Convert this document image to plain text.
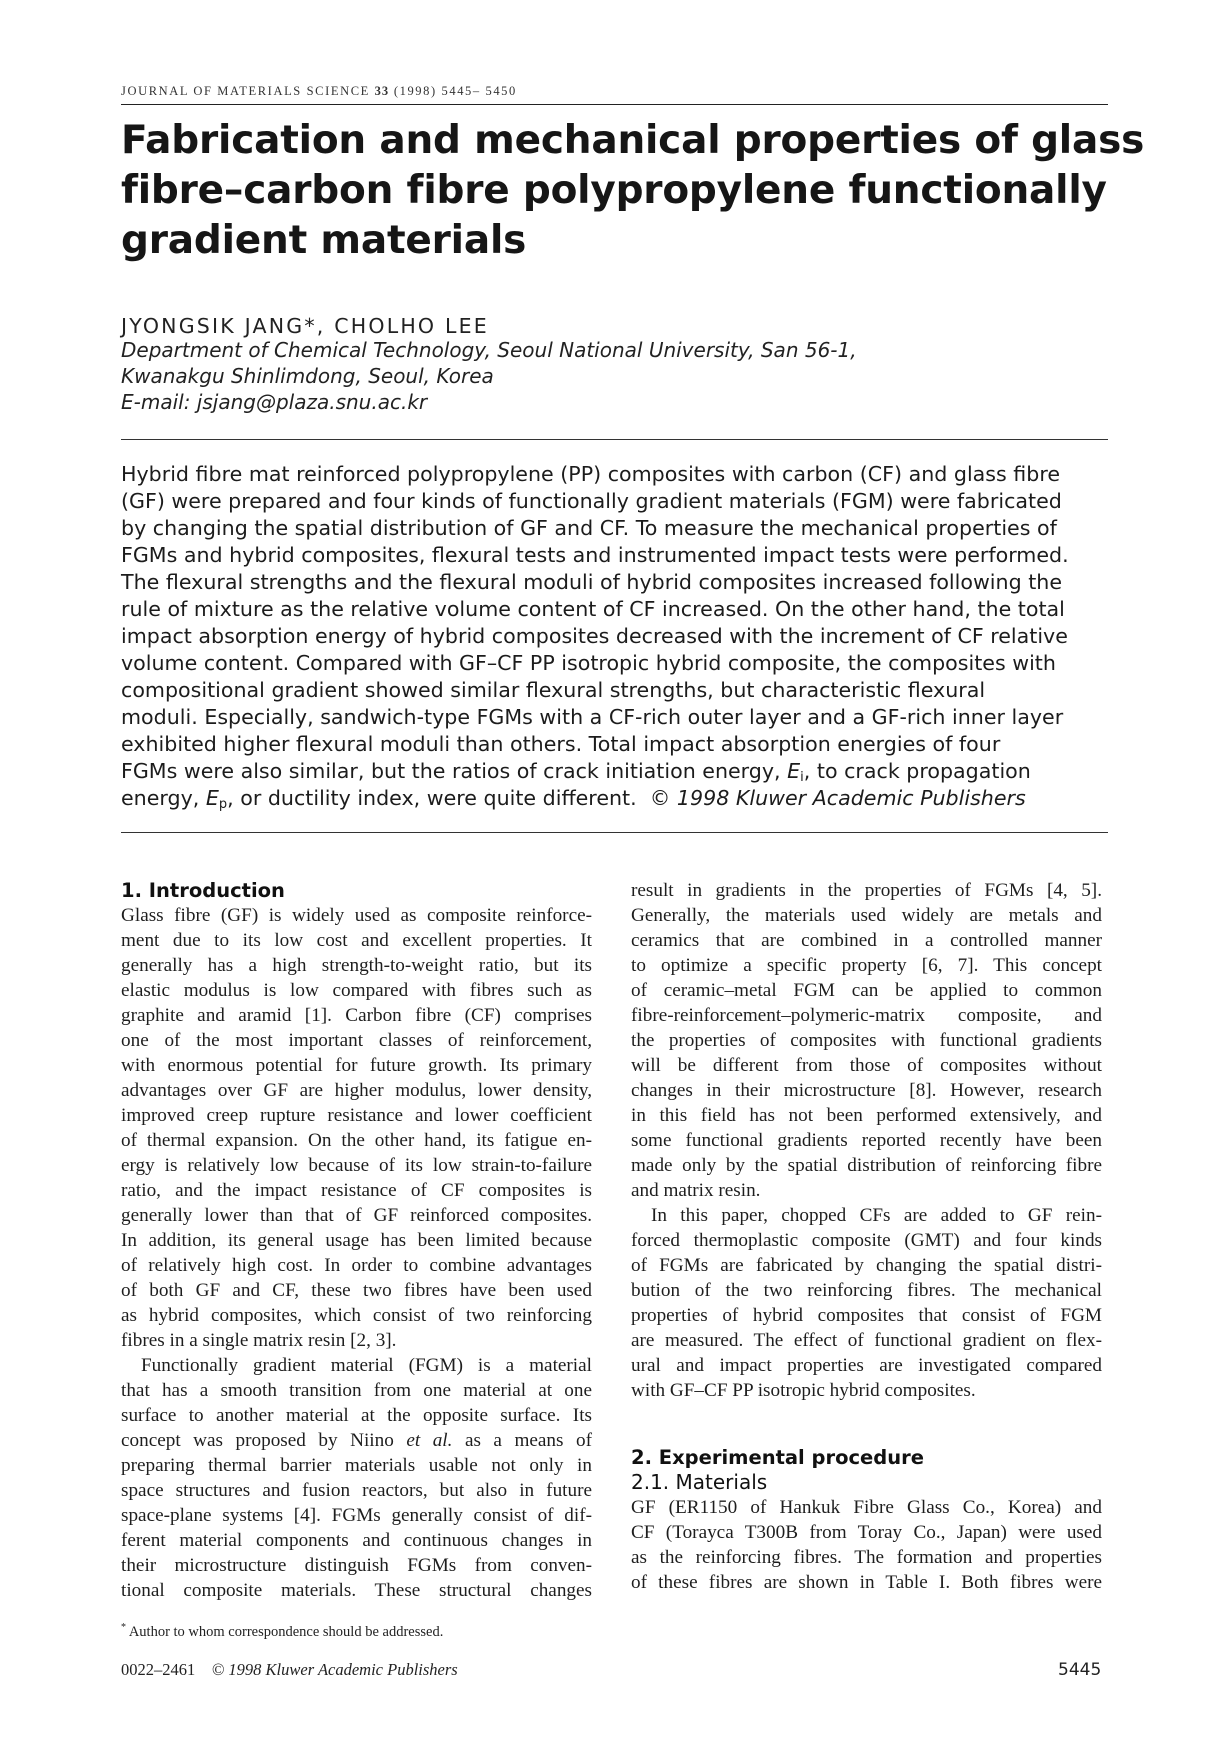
JOURNAL OF MATERIALS SCIENCE 33 (1998) 5445– 5450
Fabrication and mechanical properties of glass
fibre–carbon fibre polypropylene functionally
gradient materials
JYONGSIK JANG*, CHOLHO LEE
Department of Chemical Technology, Seoul National University, San 56-1,
Kwanakgu Shinlimdong, Seoul, Korea
E-mail: jsjang@plaza.snu.ac.kr
Hybrid fibre mat reinforced polypropylene (PP) composites with carbon (CF) and glass fibre
(GF) were prepared and four kinds of functionally gradient materials (FGM) were fabricated
by changing the spatial distribution of GF and CF. To measure the mechanical properties of
FGMs and hybrid composites, flexural tests and instrumented impact tests were performed.
The flexural strengths and the flexural moduli of hybrid composites increased following the
rule of mixture as the relative volume content of CF increased. On the other hand, the total
impact absorption energy of hybrid composites decreased with the increment of CF relative
volume content. Compared with GF–CF PP isotropic hybrid composite, the composites with
compositional gradient showed similar flexural strengths, but characteristic flexural
moduli. Especially, sandwich-type FGMs with a CF-rich outer layer and a GF-rich inner layer
exhibited higher flexural moduli than others. Total impact absorption energies of four
FGMs were also similar, but the ratios of crack initiation energy, $E_i$, to crack propagation
energy, $E_p$, or ductility index, were quite different. © 1998 Kluwer Academic Publishers
1. Introduction
Glass fibre (GF) is widely used as composite reinforce-
ment due to its low cost and excellent properties. It
generally has a high strength-to-weight ratio, but its
elastic modulus is low compared with fibres such as
graphite and aramid [1]. Carbon fibre (CF) comprises
one of the most important classes of reinforcement,
with enormous potential for future growth. Its primary
advantages over GF are higher modulus, lower density,
improved creep rupture resistance and lower coefficient
of thermal expansion. On the other hand, its fatigue en-
ergy is relatively low because of its low strain-to-failure
ratio, and the impact resistance of CF composites is
generally lower than that of GF reinforced composites.
In addition, its general usage has been limited because
of relatively high cost. In order to combine advantages
of both GF and CF, these two fibres have been used
as hybrid composites, which consist of two reinforcing
fibres in a single matrix resin [2, 3].
Functionally gradient material (FGM) is a material
that has a smooth transition from one material at one
surface to another material at the opposite surface. Its
concept was proposed by Niino et al. as a means of
preparing thermal barrier materials usable not only in
space structures and fusion reactors, but also in future
space-plane systems [4]. FGMs generally consist of dif-
ferent material components and continuous changes in
their microstructure distinguish FGMs from conven-
tional composite materials. These structural changes
result in gradients in the properties of FGMs [4, 5].
Generally, the materials used widely are metals and
ceramics that are combined in a controlled manner
to optimize a specific property [6, 7]. This concept
of ceramic–metal FGM can be applied to common
fibre-reinforcement–polymeric-matrix composite, and
the properties of composites with functional gradients
will be different from those of composites without
changes in their microstructure [8]. However, research
in this field has not been performed extensively, and
some functional gradients reported recently have been
made only by the spatial distribution of reinforcing fibre
and matrix resin.
In this paper, chopped CFs are added to GF rein-
forced thermoplastic composite (GMT) and four kinds
of FGMs are fabricated by changing the spatial distri-
bution of the two reinforcing fibres. The mechanical
properties of hybrid composites that consist of FGM
are measured. The effect of functional gradient on flex-
ural and impact properties are investigated compared
with GF–CF PP isotropic hybrid composites.
2. Experimental procedure
2.1. Materials
GF (ER1150 of Hankuk Fibre Glass Co., Korea) and
CF (Torayca T300B from Toray Co., Japan) were used
as the reinforcing fibres. The formation and properties
of these fibres are shown in Table I. Both fibres were
* Author to whom correspondence should be addressed.
0022–2461 © 1998 Kluwer Academic Publishers	5445
